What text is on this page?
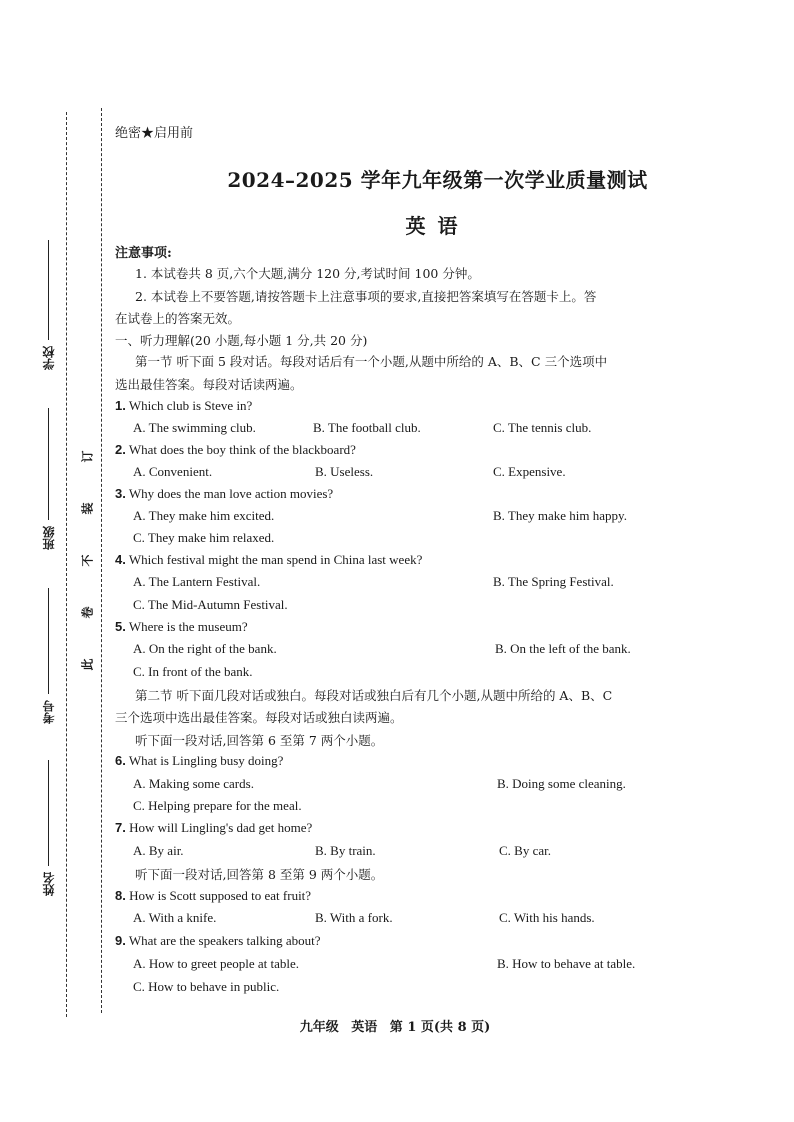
学校
班级
考号
姓名
订
装
不
卷
此
绝密★启用前
2024–2025 学年九年级第一次学业质量测试
英语
注意事项:
1. 本试卷共 8 页,六个大题,满分 120 分,考试时间 100 分钟。
2. 本试卷上不要答题,请按答题卡上注意事项的要求,直接把答案填写在答题卡上。答
在试卷上的答案无效。
一、听力理解(20 小题,每小题 1 分,共 20 分)
第一节 听下面 5 段对话。每段对话后有一个小题,从题中所给的 A、B、C 三个选项中
选出最佳答案。每段对话读两遍。
1. Which club is Steve in?
A. The swimming club.	B. The football club.	C. The tennis club.
2. What does the boy think of the blackboard?
A. Convenient.	B. Useless.	C. Expensive.
3. Why does the man love action movies?
A. They make him excited.	B. They make him happy.
C. They make him relaxed.
4. Which festival might the man spend in China last week?
A. The Lantern Festival.	B. The Spring Festival.
C. The Mid-Autumn Festival.
5. Where is the museum?
A. On the right of the bank.	B. On the left of the bank.
C. In front of the bank.
第二节 听下面几段对话或独白。每段对话或独白后有几个小题,从题中所给的 A、B、C
三个选项中选出最佳答案。每段对话或独白读两遍。
听下面一段对话,回答第 6 至第 7 两个小题。
6. What is Lingling busy doing?
A. Making some cards.	B. Doing some cleaning.
C. Helping prepare for the meal.
7. How will Lingling's dad get home?
A. By air.	B. By train.	C. By car.
听下面一段对话,回答第 8 至第 9 两个小题。
8. How is Scott supposed to eat fruit?
A. With a knife.	B. With a fork.	C. With his hands.
9. What are the speakers talking about?
A. How to greet people at table.	B. How to behave at table.
C. How to behave in public.
九年级 英语 第 1 页(共 8 页)
